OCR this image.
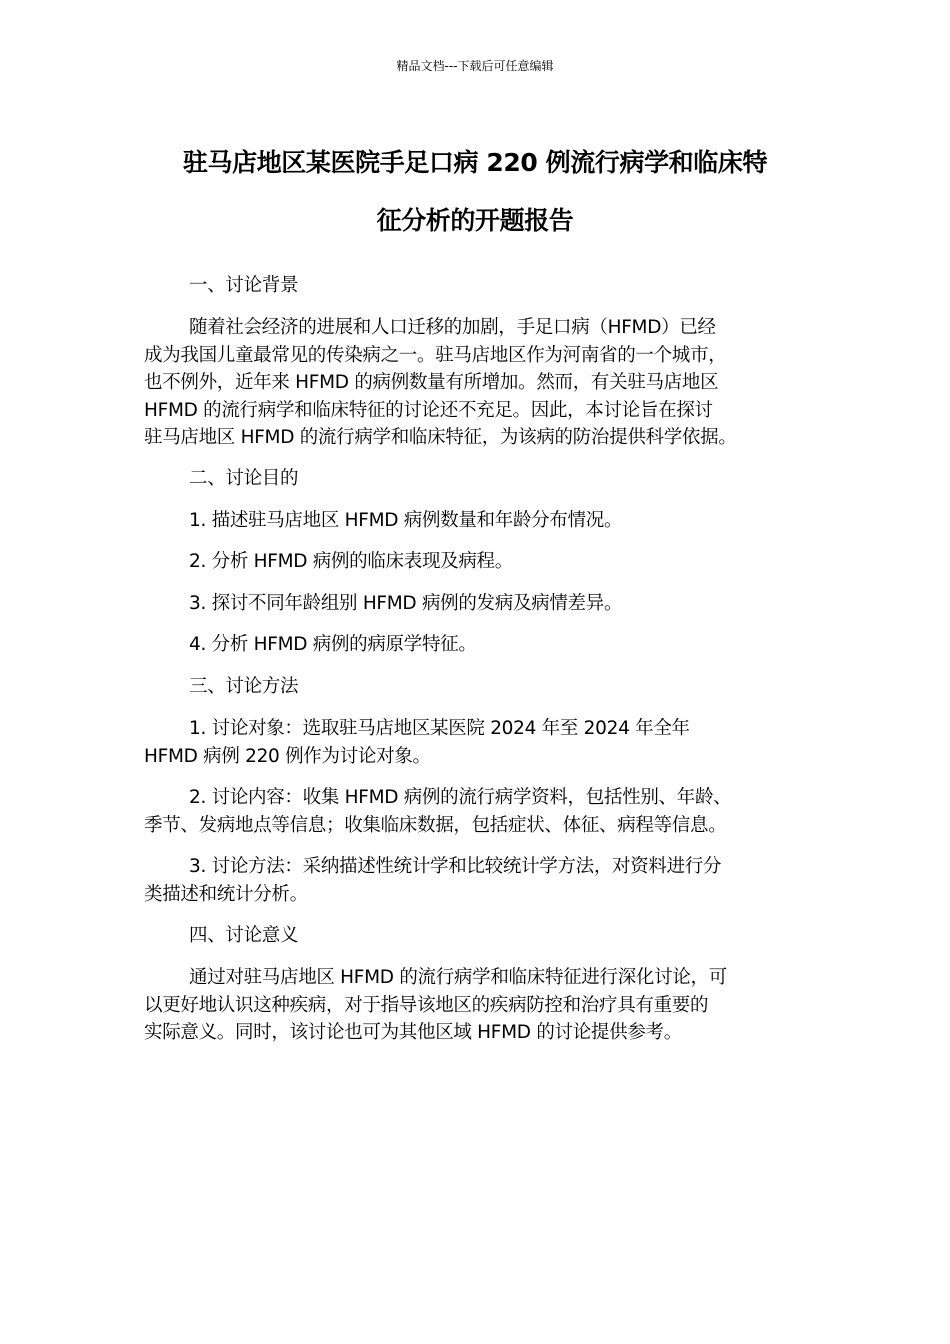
精品文档---下载后可任意编辑
驻马店地区某医院手足口病 220 例流行病学和临床特
征分析的开题报告

一、讨论背景

随着社会经济的进展和人口迁移的加剧，手足口病（HFMD）已经
成为我国儿童最常见的传染病之一。驻马店地区作为河南省的一个城市，
也不例外，近年来 HFMD 的病例数量有所增加。然而，有关驻马店地区
HFMD 的流行病学和临床特征的讨论还不充足。因此，本讨论旨在探讨
驻马店地区 HFMD 的流行病学和临床特征，为该病的防治提供科学依据。

二、讨论目的

1. 描述驻马店地区 HFMD 病例数量和年龄分布情况。

2. 分析 HFMD 病例的临床表现及病程。

3. 探讨不同年龄组别 HFMD 病例的发病及病情差异。

4. 分析 HFMD 病例的病原学特征。

三、讨论方法

1. 讨论对象：选取驻马店地区某医院 2024 年至 2024 年全年
HFMD 病例 220 例作为讨论对象。
2. 讨论内容：收集 HFMD 病例的流行病学资料，包括性别、年龄、
季节、发病地点等信息；收集临床数据，包括症状、体征、病程等信息。
3. 讨论方法：采纳描述性统计学和比较统计学方法，对资料进行分
类描述和统计分析。

四、讨论意义

通过对驻马店地区 HFMD 的流行病学和临床特征进行深化讨论，可
以更好地认识这种疾病，对于指导该地区的疾病防控和治疗具有重要的
实际意义。同时，该讨论也可为其他区域 HFMD 的讨论提供参考。
